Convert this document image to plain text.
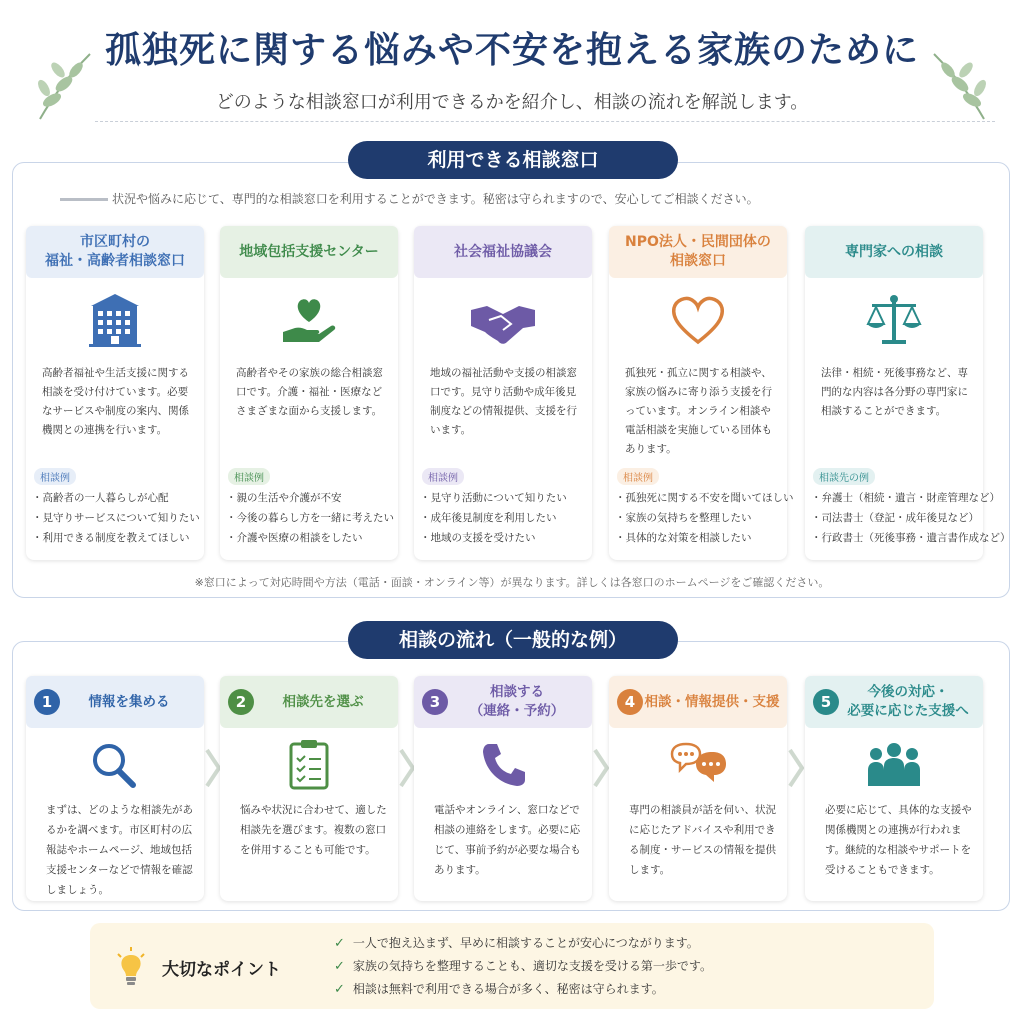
孤独死に関する悩みや不安を抱える家族のために
どのような相談窓口が利用できるかを紹介し、相談の流れを解説します。
利用できる相談窓口
状況や悩みに応じて、専門的な相談窓口を利用することができます。秘密は守られますので、安心してご相談ください。
市区町村の
福祉・高齢者相談窓口
高齢者福祉や生活支援に関する相談を受け付けています。必要なサービスや制度の案内、関係機関との連携を行います。
相談例
・ 高齢者の一人暮らしが心配
・ 見守りサービスについて知りたい
・ 利用できる制度を教えてほしい
地域包括支援センター
高齢者やその家族の総合相談窓口です。介護・福祉・医療などさまざまな面から支援します。
相談例
・ 親の生活や介護が不安
・ 今後の暮らし方を一緒に考えたい
・ 介護や医療の相談をしたい
社会福祉協議会
地域の福祉活動や支援の相談窓口です。見守り活動や成年後見制度などの情報提供、支援を行います。
相談例
・ 見守り活動について知りたい
・ 成年後見制度を利用したい
・ 地域の支援を受けたい
NPO法人・民間団体の
相談窓口
孤独死・孤立に関する相談や、家族の悩みに寄り添う支援を行っています。オンライン相談や電話相談を実施している団体もあります。
相談例
・ 孤独死に関する不安を聞いてほしい
・ 家族の気持ちを整理したい
・ 具体的な対策を相談したい
専門家への相談
法律・相続・死後事務など、専門的な内容は各分野の専門家に相談することができます。
相談先の例
・ 弁護士（相続・遺言・財産管理など）
・ 司法書士（登記・成年後見など）
・ 行政書士（死後事務・遺言書作成など）
※窓口によって対応時間や方法（電話・面談・オンライン等）が異なります。詳しくは各窓口のホームページをご確認ください。
相談の流れ（一般的な例）
1	情報を集める
まずは、どのような相談先があるかを調べます。市区町村の広報誌やホームページ、地域包括支援センターなどで情報を確認しましょう。
2	相談先を選ぶ
悩みや状況に合わせて、適した相談先を選びます。複数の窓口を併用することも可能です。
3
相談する
（連絡・予約）
電話やオンライン、窓口などで相談の連絡をします。必要に応じて、事前予約が必要な場合もあります。
4 相談・情報提供・支援
専門の相談員が話を伺い、状況に応じたアドバイスや利用できる制度・サービスの情報を提供します。
5
今後の対応・
必要に応じた支援へ
必要に応じて、具体的な支援や関係機関との連携が行われます。継続的な相談やサポートを受けることもできます。
大切なポイント
✓ 一人で抱え込まず、早めに相談することが安心につながります。
✓ 家族の気持ちを整理することも、適切な支援を受ける第一歩です。
✓ 相談は無料で利用できる場合が多く、秘密は守られます。
